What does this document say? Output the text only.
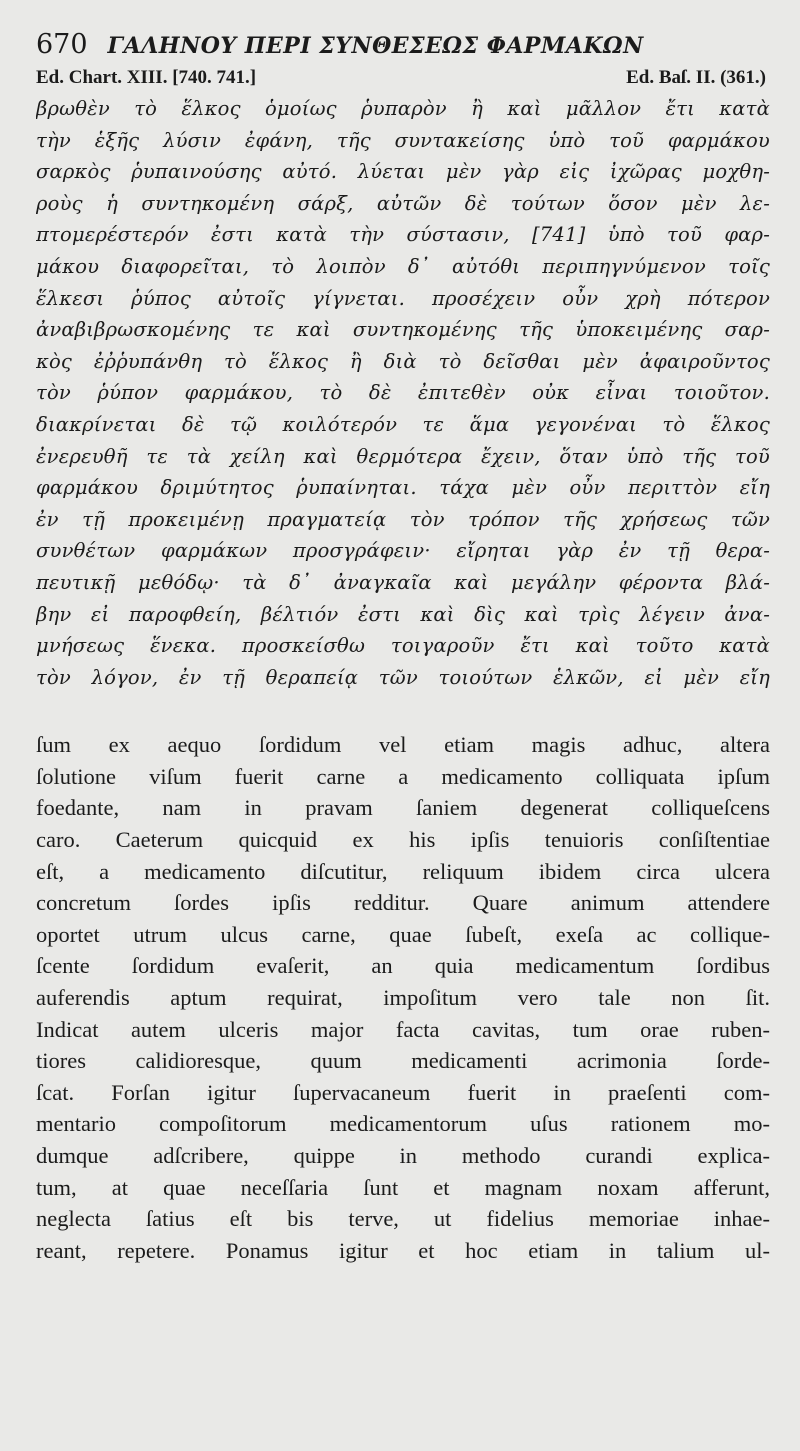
670 ΓΑΛΗΝΟΥ ΠΕΡΙ ΣΥΝΘΕΣΕΩΣ ΦΑΡΜΑΚΩΝ
Ed. Chart. XIII. [740. 741.]	Ed. Baſ. II. (361.)
βρωθὲν τὸ ἕλκος ὁμοίως ῥυπαρὸν ἢ καὶ μᾶλλον ἔτι κατὰ
τὴν ἑξῆς λύσιν ἐφάνη, τῆς συντακείσης ὑπὸ τοῦ φαρμάκου
σαρκὸς ῥυπαινούσης αὐτό. λύεται μὲν γὰρ εἰς ἰχῶρας μοχθη-
ροὺς ἡ συντηκομένη σάρξ, αὐτῶν δὲ τούτων ὅσον μὲν λε-
πτομερέστερόν ἐστι κατὰ τὴν σύστασιν, [741] ὑπὸ τοῦ φαρ-
μάκου διαφορεῖται, τὸ λοιπὸν δ᾽ αὐτόθι περιπηγνύμενον τοῖς
ἕλκεσι ῥύπος αὐτοῖς γίγνεται. προσέχειν οὖν χρὴ πότερον
ἀναβιβρωσκομένης τε καὶ συντηκομένης τῆς ὑποκειμένης σαρ-
κὸς ἐῤῥυπάνθη τὸ ἕλκος ἢ διὰ τὸ δεῖσθαι μὲν ἀφαιροῦντος
τὸν ῥύπον φαρμάκου, τὸ δὲ ἐπιτεθὲν οὐκ εἶναι τοιοῦτον.
διακρίνεται δὲ τῷ κοιλότερόν τε ἅμα γεγονέναι τὸ ἕλκος
ἐνερευθῆ τε τὰ χείλη καὶ θερμότερα ἔχειν, ὅταν ὑπὸ τῆς τοῦ
φαρμάκου δριμύτητος ῥυπαίνηται. τάχα μὲν οὖν περιττὸν εἴη
ἐν τῇ προκειμένῃ πραγματείᾳ τὸν τρόπον τῆς χρήσεως τῶν
συνθέτων φαρμάκων προσγράφειν· εἴρηται γὰρ ἐν τῇ θερα-
πευτικῇ μεθόδῳ· τὰ δ᾽ ἀναγκαῖα καὶ μεγάλην φέροντα βλά-
βην εἰ παροφθείη, βέλτιόν ἐστι καὶ δὶς καὶ τρὶς λέγειν ἀνα-
μνήσεως ἕνεκα. προσκείσθω τοιγαροῦν ἔτι καὶ τοῦτο κατὰ
τὸν λόγον, ἐν τῇ θεραπείᾳ τῶν τοιούτων ἑλκῶν, εἰ μὲν εἴη
ſum ex aequo ſordidum vel etiam magis adhuc, altera
ſolutione viſum fuerit carne a medicamento colliquata ipſum
foedante, nam in pravam ſaniem degenerat colliqueſcens
caro. Caeterum quicquid ex his ipſis tenuioris conſiſtentiae
eſt, a medicamento diſcutitur, reliquum ibidem circa ulcera
concretum ſordes ipſis redditur. Quare animum attendere
oportet utrum ulcus carne, quae ſubeſt, exeſa ac collique-
ſcente ſordidum evaſerit, an quia medicamentum ſordibus
auferendis aptum requirat, impoſitum vero tale non ſit.
Indicat autem ulceris major facta cavitas, tum orae ruben-
tiores calidioresque, quum medicamenti acrimonia ſorde-
ſcat. Forſan igitur ſupervacaneum fuerit in praeſenti com-
mentario compoſitorum medicamentorum uſus rationem mo-
dumque adſcribere, quippe in methodo curandi explica-
tum, at quae neceſſaria ſunt et magnam noxam afferunt,
neglecta ſatius eſt bis terve, ut fidelius memoriae inhae-
reant, repetere. Ponamus igitur et hoc etiam in talium ul-
